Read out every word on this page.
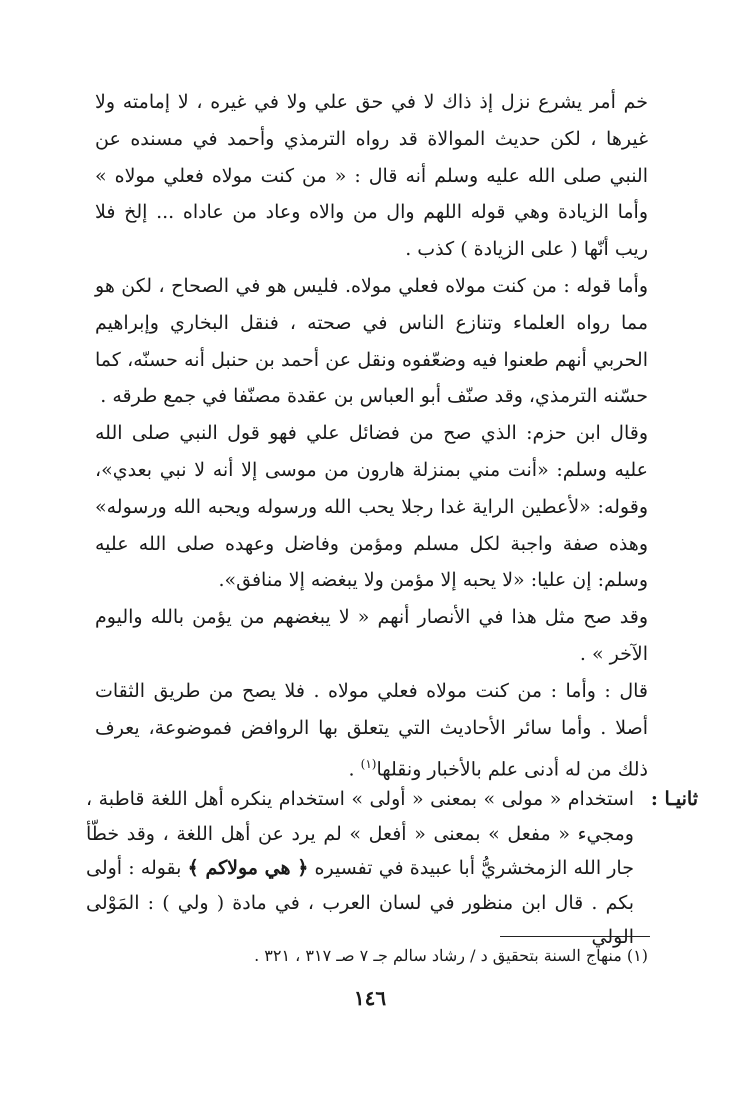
خم أمر يشرع نزل إذ ذاك لا في حق علي ولا في غيره ، لا إمامته ولا غيرها ، لكن حديث الموالاة قد رواه الترمذي وأحمد في مسنده عن النبي صلى الله عليه وسلم أنه قال : « من كنت مولاه فعلي مولاه » وأما الزيادة وهي قوله اللهم وال من والاه وعاد من عاداه ... إلخ فلا ريب أنّها ( على الزيادة ) كذب .

وأما قوله : من كنت مولاه فعلي مولاه. فليس هو في الصحاح ، لكن هو مما رواه العلماء وتنازع الناس في صحته ، فنقل البخاري وإبراهيم الحربي أنهم طعنوا فيه وضعّفوه ونقل عن أحمد بن حنبل أنه حسنّه، كما حسّنه الترمذي، وقد صنّف أبو العباس بن عقدة مصنّفا في جمع طرقه .

وقال ابن حزم: الذي صح من فضائل علي فهو قول النبي صلى الله عليه وسلم: «أنت مني بمنزلة هارون من موسى إلا أنه لا نبي بعدي»، وقوله: «لأعطين الراية غدا رجلا يحب الله ورسوله ويحبه الله ورسوله» وهذه صفة واجبة لكل مسلم ومؤمن وفاضل وعهده صلى الله عليه وسلم: إن عليا: «لا يحبه إلا مؤمن ولا يبغضه إلا منافق».

وقد صح مثل هذا في الأنصار أنهم « لا يبغضهم من يؤمن بالله واليوم الآخر » .

قال : وأما : من كنت مولاه فعلي مولاه . فلا يصح من طريق الثقات أصلا . وأما سائر الأحاديث التي يتعلق بها الروافض فموضوعة، يعرف ذلك من له أدنى علم بالأخبار ونقلها$^{(١)}$ .

ثانيـا :
استخدام « مولى » بمعنى « أولى » استخدام ينكره أهل اللغة قاطبة ، ومجيء « مفعل » بمعنى « أفعل » لم يرد عن أهل اللغة ، وقد خطّأ جار الله الزمخشريُّ أبا عبيدة في تفسيره ﴿ هي مولاكم ﴾ بقوله : أولى بكم . قال ابن منظور في لسان العرب ، في مادة ( ولي ) : المَوْلى الولي
(١) منهاج السنة بتحقيق د / رشاد سالم جـ ٧ صـ ٣١٧ ، ٣٢١ .
١٤٦
